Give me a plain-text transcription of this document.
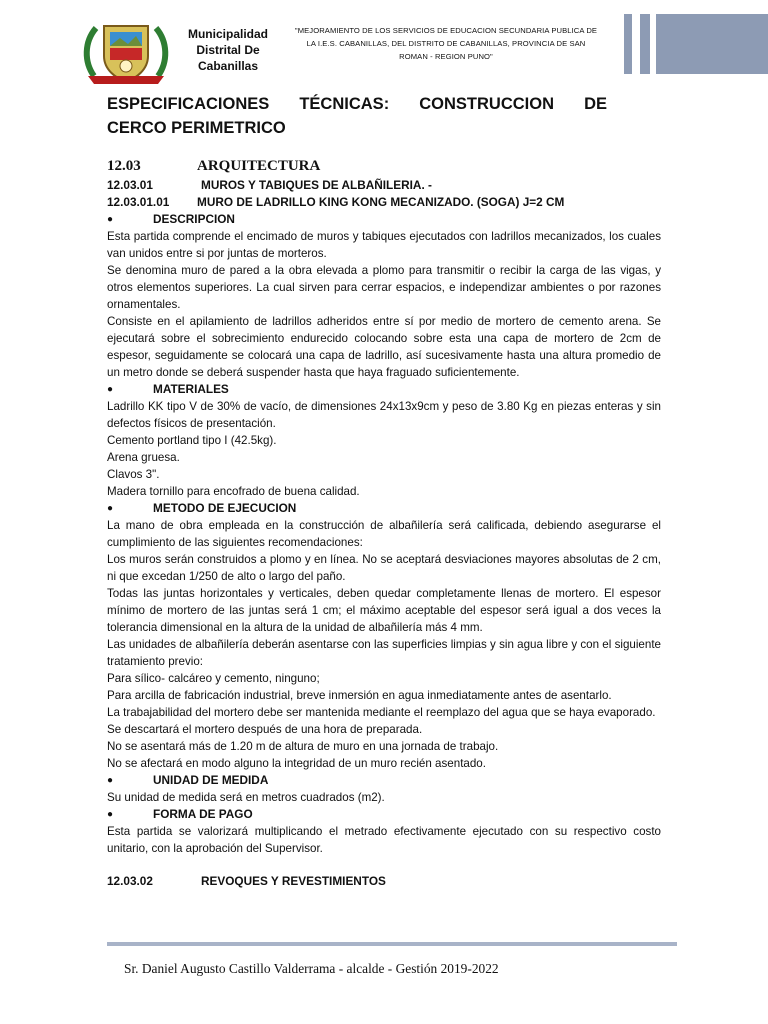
Municipalidad
Distrital De
Cabanillas
"MEJORAMIENTO DE LOS SERVICIOS DE EDUCACION SECUNDARIA PUBLICA DE
LA I.E.S. CABANILLAS, DEL DISTRITO DE CABANILLAS, PROVINCIA DE SAN
ROMAN - REGION PUNO"
ESPECIFICACIONES TÉCNICAS: CONSTRUCCION DE
CERCO PERIMETRICO
12.03	ARQUITECTURA
12.03.01	MUROS Y TABIQUES DE ALBAÑILERIA. -
12.03.01.01 MURO DE LADRILLO KING KONG MECANIZADO. (SOGA) J=2 CM
●	DESCRIPCION

Esta partida comprende el encimado de muros y tabiques ejecutados con ladrillos mecanizados, los cuales van unidos entre si por juntas de morteros.

Se denomina muro de pared a la obra elevada a plomo para transmitir o recibir la carga de las vigas, y otros elementos superiores. La cual sirven para cerrar espacios, e independizar ambientes o por razones ornamentales.

Consiste en el apilamiento de ladrillos adheridos entre sí por medio de mortero de cemento arena. Se ejecutará sobre el sobrecimiento endurecido colocando sobre esta una capa de mortero de 2cm de espesor, seguidamente se colocará una capa de ladrillo, así sucesivamente hasta una altura promedio de un metro donde se deberá suspender hasta que haya fraguado suficientemente.

●	MATERIALES

Ladrillo KK tipo V de 30% de vacío, de dimensiones 24x13x9cm y peso de 3.80 Kg en piezas enteras y sin defectos físicos de presentación.

Cemento portland tipo I (42.5kg).

Arena gruesa.

Clavos 3".

Madera tornillo para encofrado de buena calidad.

●	METODO DE EJECUCION

La mano de obra empleada en la construcción de albañilería será calificada, debiendo asegurarse el cumplimiento de las siguientes recomendaciones:

Los muros serán construidos a plomo y en línea. No se aceptará desviaciones mayores absolutas de 2 cm, ni que excedan 1/250 de alto o largo del paño.

Todas las juntas horizontales y verticales, deben quedar completamente llenas de mortero. El espesor mínimo de mortero de las juntas será 1 cm; el máximo aceptable del espesor será igual a dos veces la tolerancia dimensional en la altura de la unidad de albañilería más 4 mm.

Las unidades de albañilería deberán asentarse con las superficies limpias y sin agua libre y con el siguiente tratamiento previo:

Para sílico- calcáreo y cemento, ninguno;

Para arcilla de fabricación industrial, breve inmersión en agua inmediatamente antes de asentarlo.

La trabajabilidad del mortero debe ser mantenida mediante el reemplazo del agua que se haya evaporado.

Se descartará el mortero después de una hora de preparada.

No se asentará más de 1.20 m de altura de muro en una jornada de trabajo.

No se afectará en modo alguno la integridad de un muro recién asentado.

●	UNIDAD DE MEDIDA

Su unidad de medida será en metros cuadrados (m2).

●	FORMA DE PAGO

Esta partida se valorizará multiplicando el metrado efectivamente ejecutado con su respectivo costo unitario, con la aprobación del Supervisor.

12.03.02	REVOQUES Y REVESTIMIENTOS
Sr. Daniel Augusto Castillo Valderrama - alcalde - Gestión 2019-2022
